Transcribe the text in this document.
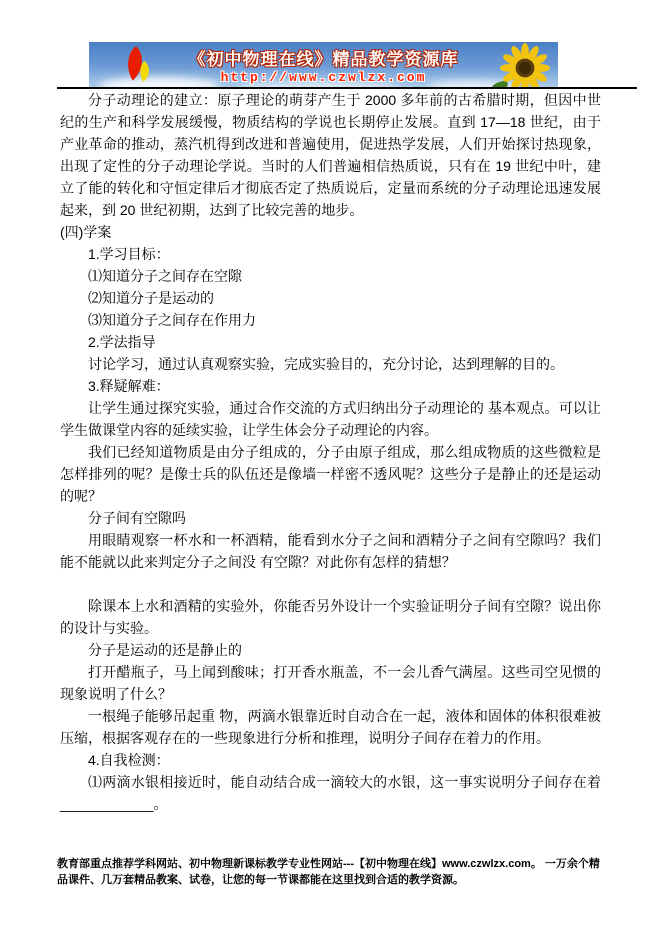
《初中物理在线》精品教学资源库
http://www.czwlzx.com

分子动理论的建立：原子理论的萌芽产生于 2000 多年前的古希腊时期，但因中世纪的生产和科学发展缓慢，物质结构的学说也长期停止发展。直到 17—18 世纪，由于产业革命的推动，蒸汽机得到改进和普遍使用，促进热学发展，人们开始探讨热现象，出现了定性的分子动理论学说。当时的人们普遍相信热质说，只有在 19 世纪中叶，建立了能的转化和守恒定律后才彻底否定了热质说后，定量而系统的分子动理论迅速发展起来，到 20 世纪初期，达到了比较完善的地步。

(四)学案

1.学习目标：

⑴知道分子之间存在空隙

⑵知道分子是运动的

⑶知道分子之间存在作用力

2.学法指导

讨论学习，通过认真观察实验，完成实验目的，充分讨论，达到理解的目的。

3.释疑解难：

让学生通过探究实验，通过合作交流的方式归纳出分子动理论的 基本观点。可以让学生做课堂内容的延续实验，让学生体会分子动理论的内容。

我们已经知道物质是由分子组成的，分子由原子组成，那么组成物质的这些微粒是怎样排列的呢？是像士兵的队伍还是像墙一样密不透风呢？这些分子是静止的还是运动的呢？

分子间有空隙吗

用眼睛观察一杯水和一杯酒精，能看到水分子之间和酒精分子之间有空隙吗？我们能不能就以此来判定分子之间没 有空隙？对此你有怎样的猜想？

除课本上水和酒精的实验外，你能否另外设计一个实验证明分子间有空隙？说出你的设计与实验。

分子是运动的还是静止的

打开醋瓶子，马上闻到酸味；打开香水瓶盖，不一会儿香气满屋。这些司空见惯的现象说明了什么？

一根绳子能够吊起重 物，两滴水银靠近时自动合在一起，液体和固体的体积很难被压缩，根据客观存在的一些现象进行分析和推理，说明分子间存在着力的作用。

4.自我检测：

⑴两滴水银相接近时，能自动结合成一滴较大的水银，这一事实说明分子间存在着____________。

教育部重点推荐学科网站、初中物理新课标教学专业性网站---【初中物理在线】www.czwlzx.com。 一万余个精品课件、几万套精品教案、试卷，让您的每一节课都能在这里找到合适的教学资源。
